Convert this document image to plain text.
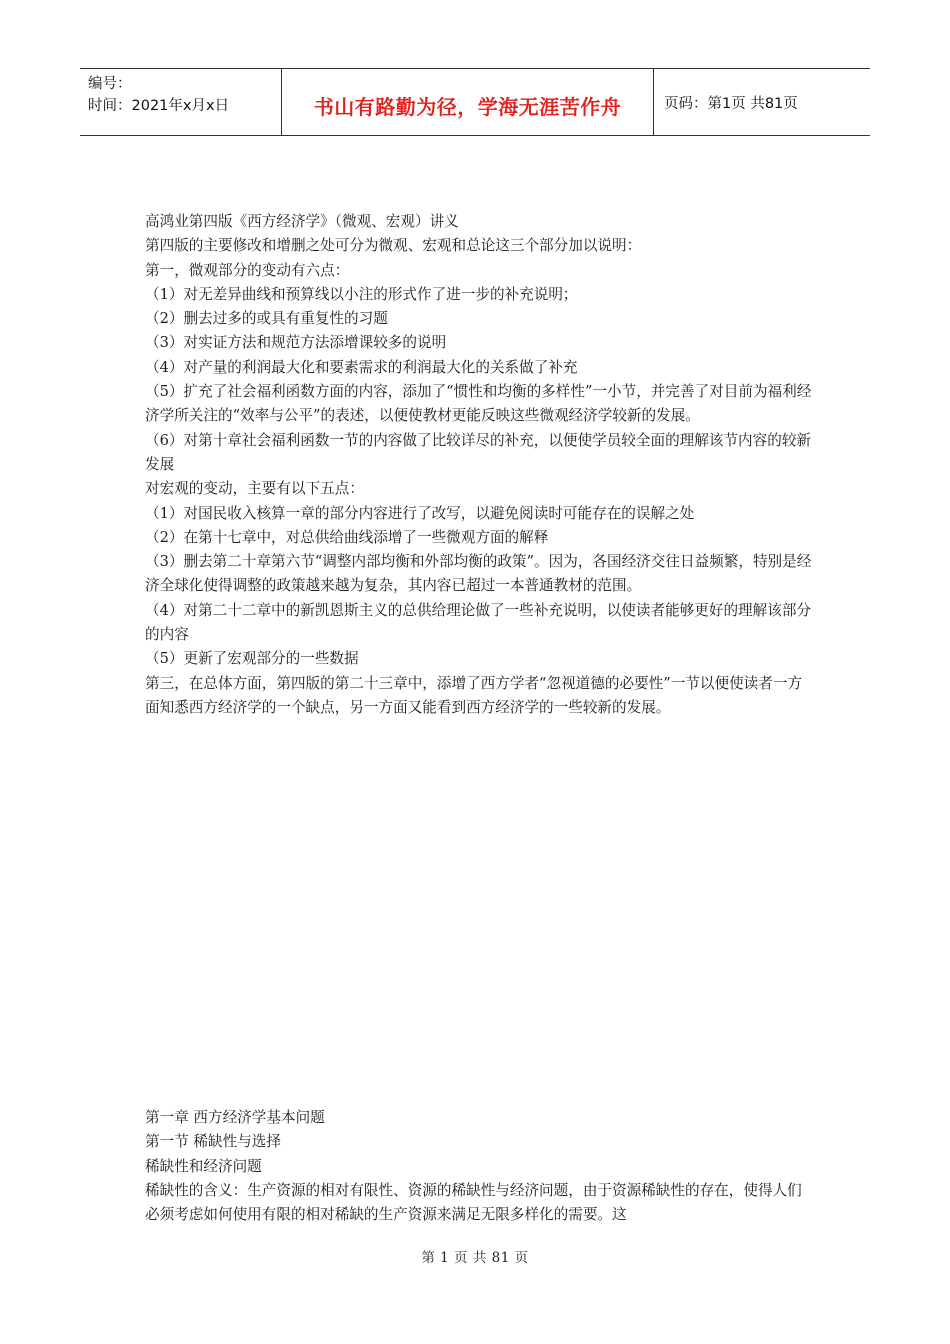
编号：
时间：2021年x月x日	书山有路勤为径，学海无涯苦作舟	页码：第1页 共81页

高鸿业第四版《西方经济学》（微观、宏观）讲义

第四版的主要修改和增删之处可分为微观、宏观和总论这三个部分加以说明：

第一，微观部分的变动有六点：

（1）对无差异曲线和预算线以小注的形式作了进一步的补充说明；

（2）删去过多的或具有重复性的习题

（3）对实证方法和规范方法添增课较多的说明

（4）对产量的利润最大化和要素需求的利润最大化的关系做了补充

（5）扩充了社会福利函数方面的内容，添加了“惯性和均衡的多样性”一小节，并完善了对目前为福利经济学所关注的“效率与公平”的表述，以便使教材更能反映这些微观经济学较新的发展。

（6）对第十章社会福利函数一节的内容做了比较详尽的补充，以便使学员较全面的理解该节内容的较新发展

对宏观的变动，主要有以下五点：

（1）对国民收入核算一章的部分内容进行了改写，以避免阅读时可能存在的误解之处

（2）在第十七章中，对总供给曲线添增了一些微观方面的解释

（3）删去第二十章第六节“调整内部均衡和外部均衡的政策”。因为，各国经济交往日益频繁，特别是经济全球化使得调整的政策越来越为复杂，其内容已超过一本普通教材的范围。

（4）对第二十二章中的新凯恩斯主义的总供给理论做了一些补充说明，以使读者能够更好的理解该部分的内容

（5）更新了宏观部分的一些数据

第三，在总体方面，第四版的第二十三章中，添增了西方学者“忽视道德的必要性”一节以便使读者一方面知悉西方经济学的一个缺点，另一方面又能看到西方经济学的一些较新的发展。

第一章 西方经济学基本问题

第一节 稀缺性与选择

稀缺性和经济问题

稀缺性的含义：生产资源的相对有限性、资源的稀缺性与经济问题，由于资源稀缺性的存在，使得人们必须考虑如何使用有限的相对稀缺的生产资源来满足无限多样化的需要。这

第 1 页 共 81 页
